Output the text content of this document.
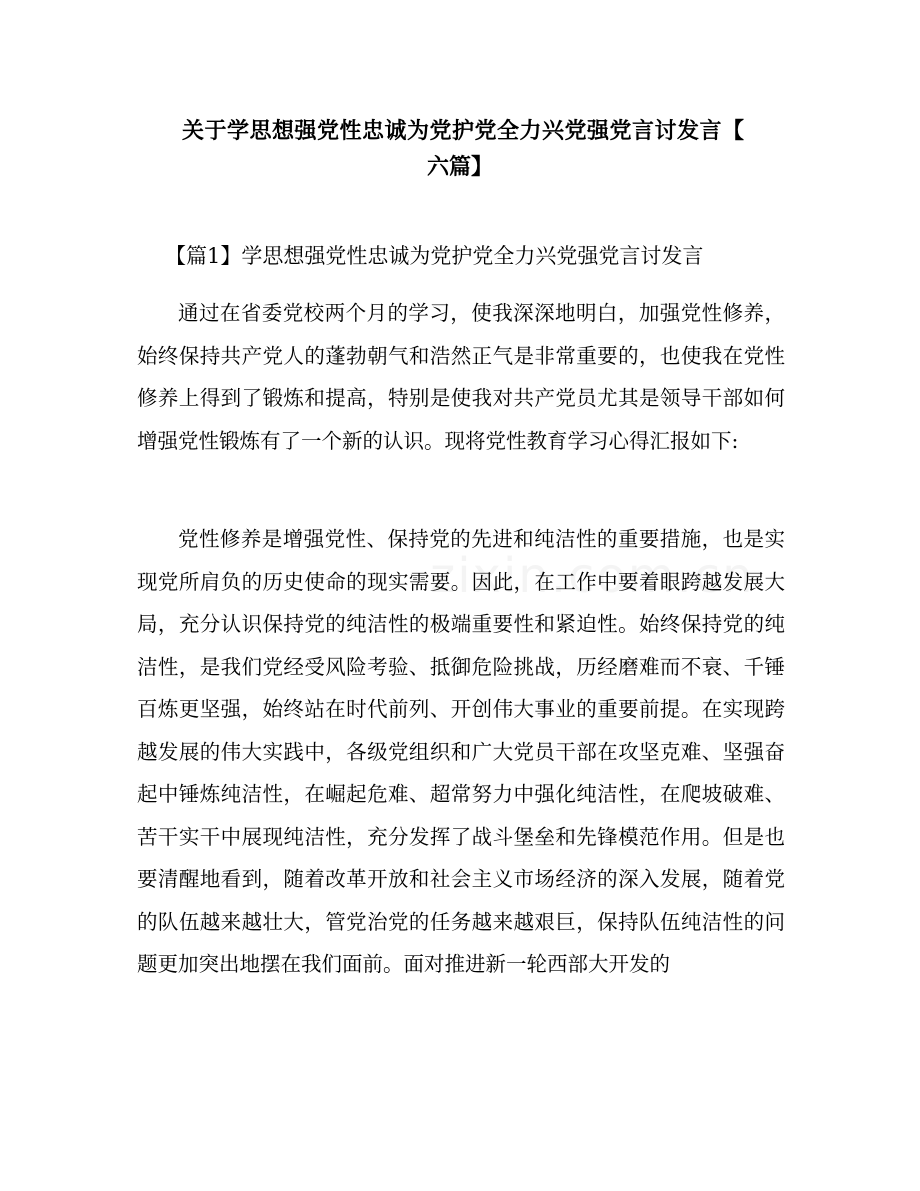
关于学思想强党性忠诚为党护党全力兴党强党言讨发言【
六篇】
【篇1】学思想强党性忠诚为党护党全力兴党强党言讨发言

通过在省委党校两个月的学习，使我深深地明白，加强党性修养，始终保持共产党人的蓬勃朝气和浩然正气是非常重要的，也使我在党性修养上得到了锻炼和提高，特别是使我对共产党员尤其是领导干部如何增强党性锻炼有了一个新的认识。现将党性教育学习心得汇报如下:

党性修养是增强党性、保持党的先进和纯洁性的重要措施，也是实现党所肩负的历史使命的现实需要。因此，在工作中要着眼跨越发展大局，充分认识保持党的纯洁性的极端重要性和紧迫性。始终保持党的纯洁性，是我们党经受风险考验、抵御危险挑战，历经磨难而不衰、千锤百炼更坚强，始终站在时代前列、开创伟大事业的重要前提。在实现跨越发展的伟大实践中，各级党组织和广大党员干部在攻坚克难、坚强奋起中锤炼纯洁性，在崛起危难、超常努力中强化纯洁性，在爬坡破难、苦干实干中展现纯洁性，充分发挥了战斗堡垒和先锋模范作用。但是也要清醒地看到，随着改革开放和社会主义市场经济的深入发展，随着党的队伍越来越壮大，管党治党的任务越来越艰巨，保持队伍纯洁性的问题更加突出地摆在我们面前。面对推进新一轮西部大开发的
